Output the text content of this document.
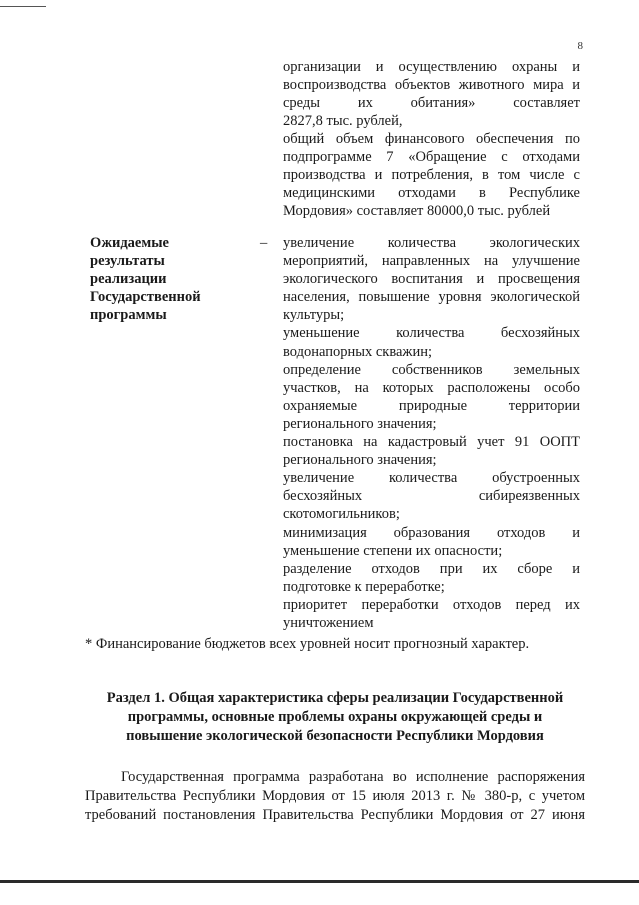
8
организации и осуществлению охраны и
воспроизводства объектов животного мира и
среды их обитания» составляет
2827,8 тыс. рублей,
общий объем финансового обеспечения по
подпрограмме 7 «Обращение с отходами
производства и потребления, в том числе с
медицинскими отходами в Республике
Мордовия» составляет 80000,0 тыс. рублей
Ожидаемые
результаты
реализации
Государственной
программы
– увеличение количества экологических
мероприятий, направленных на улучшение
экологического воспитания и просвещения
населения, повышение уровня экологической
культуры;
уменьшение количества бесхозяйных
водонапорных скважин;
определение собственников земельных
участков, на которых расположены особо
охраняемые природные территории
регионального значения;
постановка на кадастровый учет 91 ООПТ
регионального значения;
увеличение количества обустроенных
бесхозяйных сибиреязвенных
скотомогильников;
минимизация образования отходов и
уменьшение степени их опасности;
разделение отходов при их сборе и
подготовке к переработке;
приоритет переработки отходов перед их
уничтожением
* Финансирование бюджетов всех уровней носит прогнозный характер.
Раздел 1. Общая характеристика сферы реализации Государственной
программы, основные проблемы охраны окружающей среды и
повышение экологической безопасности Республики Мордовия
Государственная программа разработана во исполнение распоряжения
Правительства Республики Мордовия от 15 июля 2013 г. № 380-р, с учетом
требований постановления Правительства Республики Мордовия от 27 июня
